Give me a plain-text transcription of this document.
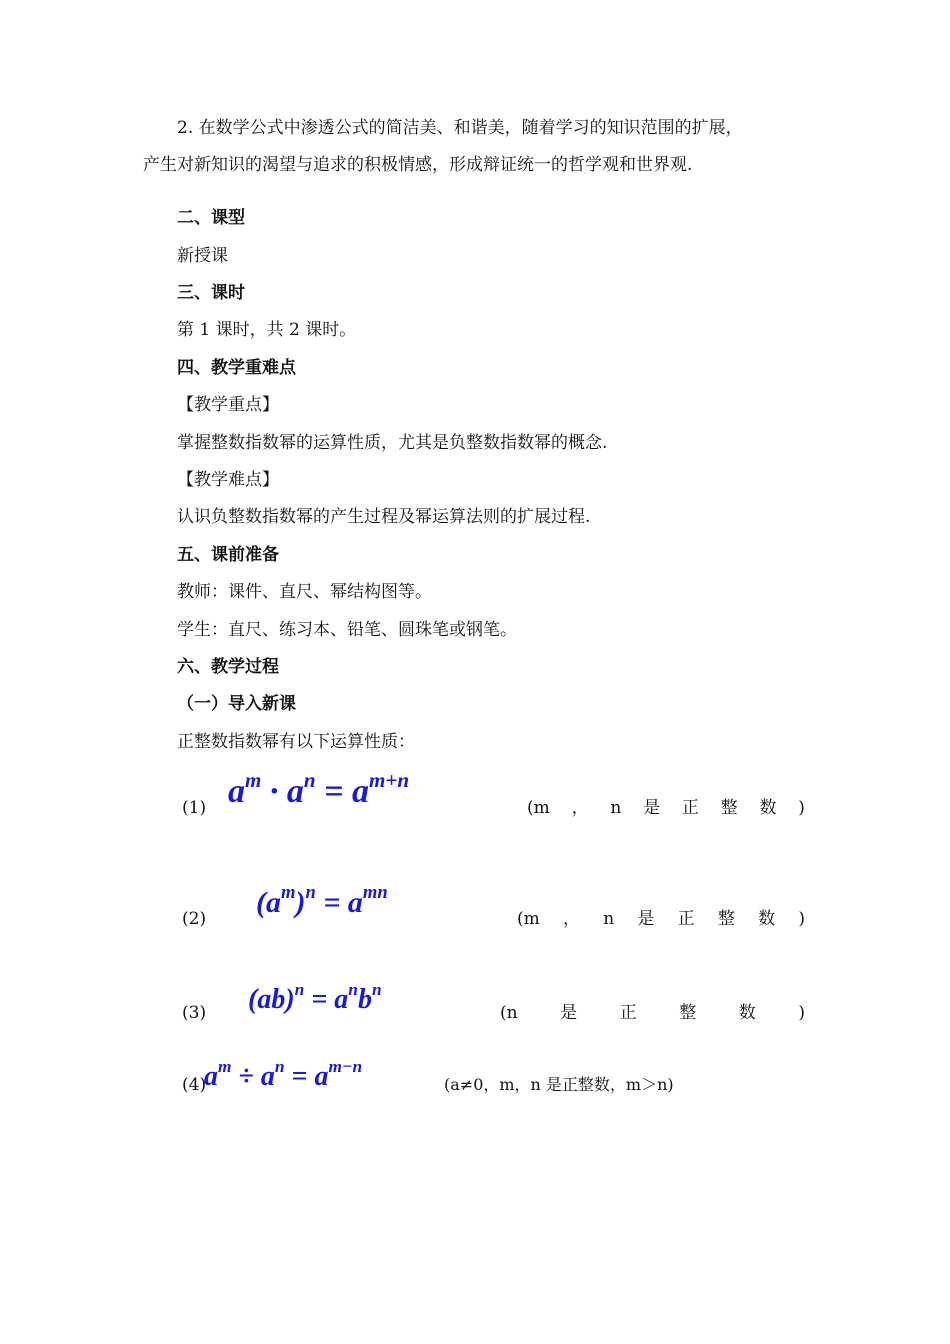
2. 在数学公式中渗透公式的简洁美、和谐美，随着学习的知识范围的扩展，
产生对新知识的渴望与追求的积极情感，形成辩证统一的哲学观和世界观.
二、课型
新授课
三、课时
第 1 课时，共 2 课时。
四、教学重难点
【教学重点】
掌握整数指数幂的运算性质，尤其是负整数指数幂的概念.
【教学难点】
认识负整数指数幂的产生过程及幂运算法则的扩展过程.
五、课前准备
教师：课件、直尺、幂结构图等。
学生：直尺、练习本、铅笔、圆珠笔或钢笔。
六、教学过程
（一）导入新课
正整数指数幂有以下运算性质：
(1) $a^m \cdot a^n = a^{m+n}$
(m ， n 是 正 整 数 )
(2) $(a^m)^n = a^{mn}$
(m ， n 是 正 整 数 )
(3) $(ab)^n = a^nb^n$
(n	是	正	整	数	)
(4)
$a^m \div a^n = a^{m-n}$
(a≠0，m，n 是正整数，m＞n)
